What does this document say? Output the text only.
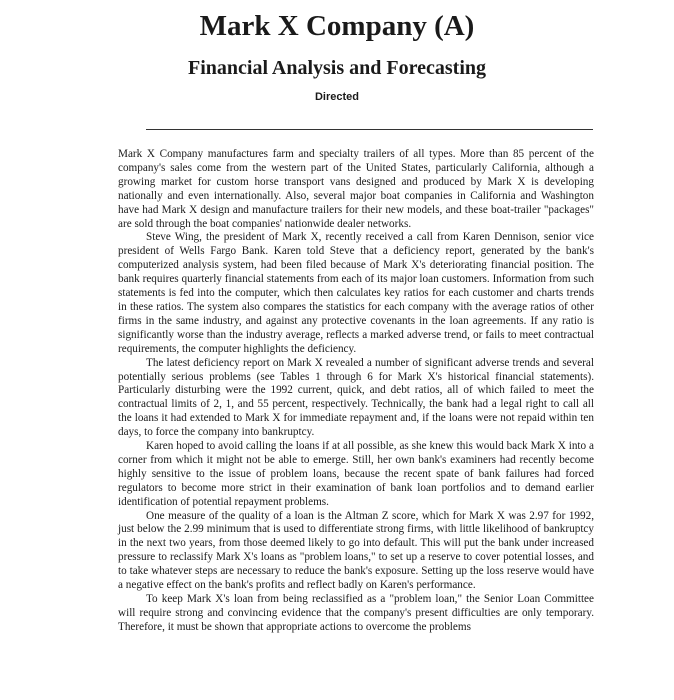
Mark X Company (A)
Financial Analysis and Forecasting
Directed

Mark X Company manufactures farm and specialty trailers of all types. More than 85 percent of the company's sales come from the western part of the United States, particularly California, although a growing market for custom horse transport vans designed and produced by Mark X is developing nationally and even internationally. Also, several major boat companies in California and Washington have had Mark X design and manufacture trailers for their new models, and these boat-trailer "packages" are sold through the boat companies' nationwide dealer networks.

Steve Wing, the president of Mark X, recently received a call from Karen Dennison, senior vice president of Wells Fargo Bank. Karen told Steve that a deficiency report, generated by the bank's computerized analysis system, had been filed because of Mark X's deteriorating financial position. The bank requires quarterly financial statements from each of its major loan customers. Information from such statements is fed into the computer, which then calculates key ratios for each customer and charts trends in these ratios. The system also compares the statistics for each company with the average ratios of other firms in the same industry, and against any protective covenants in the loan agreements. If any ratio is significantly worse than the industry average, reflects a marked adverse trend, or fails to meet contractual requirements, the computer highlights the deficiency.

The latest deficiency report on Mark X revealed a number of significant adverse trends and several potentially serious problems (see Tables 1 through 6 for Mark X's historical financial statements). Particularly disturbing were the 1992 current, quick, and debt ratios, all of which failed to meet the contractual limits of 2, 1, and 55 percent, respectively. Technically, the bank had a legal right to call all the loans it had extended to Mark X for immediate repayment and, if the loans were not repaid within ten days, to force the company into bankruptcy.

Karen hoped to avoid calling the loans if at all possible, as she knew this would back Mark X into a corner from which it might not be able to emerge. Still, her own bank's examiners had recently become highly sensitive to the issue of problem loans, because the recent spate of bank failures had forced regulators to become more strict in their examination of bank loan portfolios and to demand earlier identification of potential repayment problems.

One measure of the quality of a loan is the Altman Z score, which for Mark X was 2.97 for 1992, just below the 2.99 minimum that is used to differentiate strong firms, with little likelihood of bankruptcy in the next two years, from those deemed likely to go into default. This will put the bank under increased pressure to reclassify Mark X's loans as "problem loans," to set up a reserve to cover potential losses, and to take whatever steps are necessary to reduce the bank's exposure. Setting up the loss reserve would have a negative effect on the bank's profits and reflect badly on Karen's performance.

To keep Mark X's loan from being reclassified as a "problem loan," the Senior Loan Committee will require strong and convincing evidence that the company's present difficulties are only temporary. Therefore, it must be shown that appropriate actions to overcome the problems
